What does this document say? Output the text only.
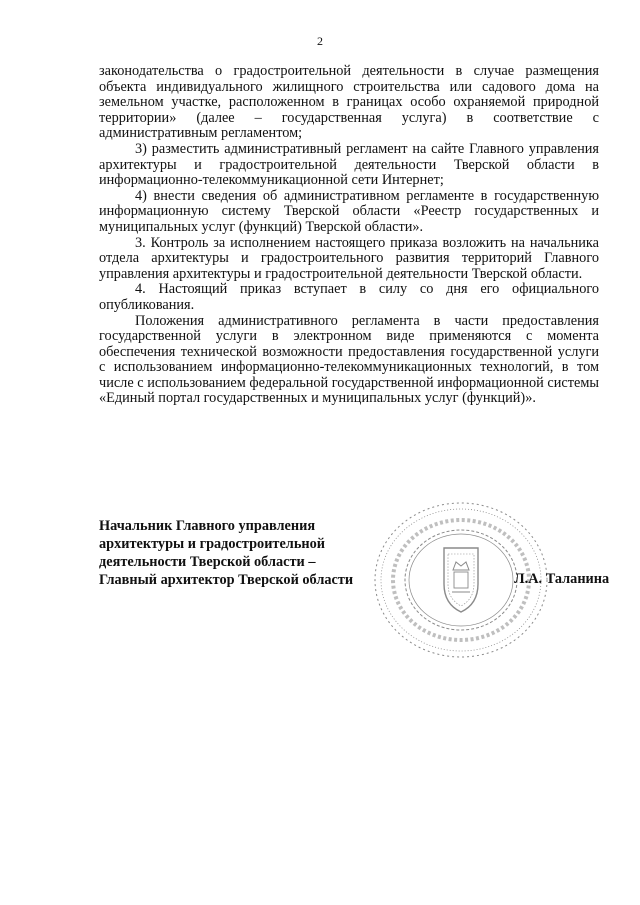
2

законодательства о градостроительной деятельности в случае размещения объекта индивидуального жилищного строительства или садового дома на земельном участке, расположенном в границах особо охраняемой природной территории» (далее – государственная услуга) в соответствие с административным регламентом;

3) разместить административный регламент на сайте Главного управления архитектуры и градостроительной деятельности Тверской области в информационно-телекоммуникационной сети Интернет;

4) внести сведения об административном регламенте в государственную информационную систему Тверской области «Реестр государственных и муниципальных услуг (функций) Тверской области».

3. Контроль за исполнением настоящего приказа возложить на начальника отдела архитектуры и градостроительного развития территорий Главного управления архитектуры и градостроительной деятельности Тверской области.

4. Настоящий приказ вступает в силу со дня его официального опубликования.

Положения административного регламента в части предоставления государственной услуги в электронном виде применяются с момента обеспечения технической возможности предоставления государственной услуги с использованием информационно-телекоммуникационных технологий, в том числе с использованием федеральной государственной информационной системы «Единый портал государственных и муниципальных услуг (функций)».

Начальник Главного управления
архитектуры и градостроительной
деятельности Тверской области –
Главный архитектор Тверской области	Л.А. Таланина
